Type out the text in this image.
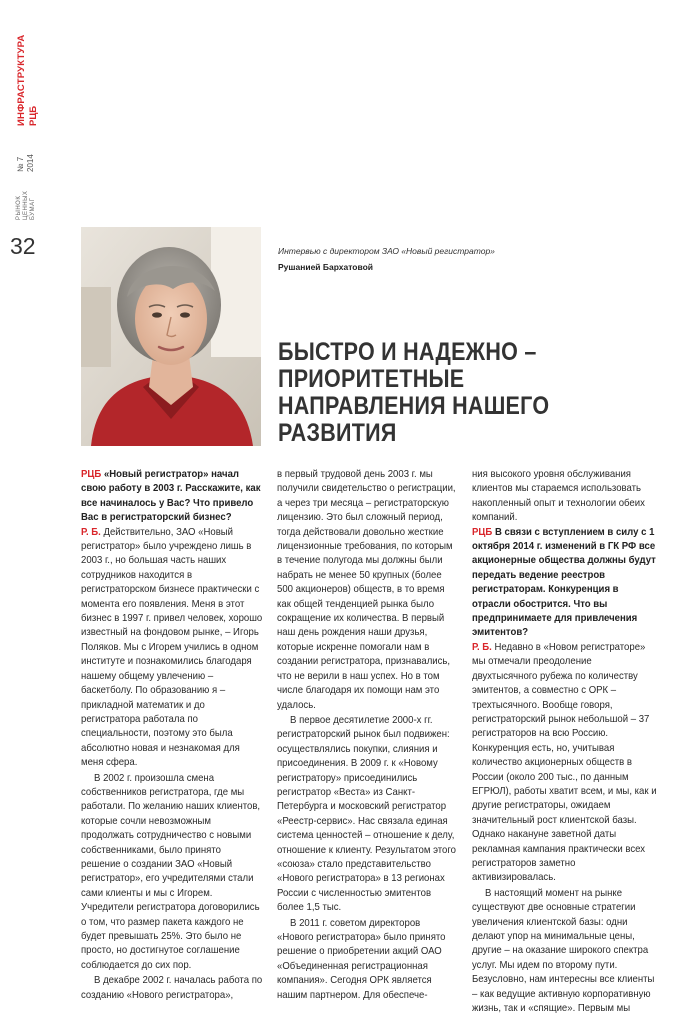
ИНФРАСТРУКТУРА РЦБ
№ 7 2014
РЫНОК ЦЕННЫХ БУМАГ
32	Интервью с директором ЗАО «Новый регистратор»
Рушанией Бархатовой
БЫСТРО И НАДЕЖНО –
ПРИОРИТЕТНЫЕ
НАПРАВЛЕНИЯ НАШЕГО
РАЗВИТИЯ

РЦБ «Новый регистратор» начал свою работу в 2003 г. Расскажите, как все начиналось у Вас? Что привело Вас в регистраторский бизнес?

Р. Б. Действительно, ЗАО «Новый регистратор» было учреждено лишь в 2003 г., но большая часть наших сотрудников находится в регистраторском бизнесе практически с момента его появления. Меня в этот бизнес в 1997 г. привел человек, хорошо известный на фондовом рынке, – Игорь Поляков. Мы с Игорем учились в одном институте и познакомились благодаря нашему общему увлечению – баскетболу. По образованию я – прикладной математик и до регистратора работала по специальности, поэтому это была абсолютно новая и незнакомая для меня сфера.

В 2002 г. произошла смена собственников регистратора, где мы работали. По желанию наших клиентов, которые сочли невозможным продолжать сотрудничество с новыми собственниками, было принято решение о создании ЗАО «Новый регистратор», его учредителями стали сами клиенты и мы с Игорем. Учредители регистратора договорились о том, что размер пакета каждого не будет превышать 25%. Это было не просто, но достигнутое соглашение соблюдается до сих пор.

В декабре 2002 г. началась работа по созданию «Нового регистратора»,

в первый трудовой день 2003 г. мы получили свидетельство о регистрации, а через три месяца – регистраторскую лицензию. Это был сложный период, тогда действовали довольно жесткие лицензионные требования, по которым в течение полугода мы должны были набрать не менее 50 крупных (более 500 акционеров) обществ, в то время как общей тенденцией рынка было сокращение их количества. В первый наш день рождения наши друзья, которые искренне помогали нам в создании регистратора, признавались, что не верили в наш успех. Но в том числе благодаря их помощи нам это удалось.

В первое десятилетие 2000-х гг. регистраторский рынок был подвижен: осуществлялись покупки, слияния и присоединения. В 2009 г. к «Новому регистратору» присоединились регистратор «Веста» из Санкт-Петербурга и московский регистратор «Реестр-сервис». Нас связала единая система ценностей – отношение к делу, отношение к клиенту. Результатом этого «союза» стало представительство «Нового регистратора» в 13 регионах России с численностью эмитентов более 1,5 тыс.

В 2011 г. советом директоров «Нового регистратора» было принято решение о приобретении акций ОАО «Объединенная регистрационная компания». Сегодня ОРК является нашим партнером. Для обеспече-

ния высокого уровня обслуживания клиентов мы стараемся использовать накопленный опыт и технологии обеих компаний.

РЦБ В связи с вступлением в силу с 1 октября 2014 г. изменений в ГК РФ все акционерные общества должны будут передать ведение реестров регистраторам. Конкуренция в отрасли обострится. Что вы предпринимаете для привлечения эмитентов?

Р. Б. Недавно в «Новом регистраторе» мы отмечали преодоление двухтысячного рубежа по количеству эмитентов, а совместно с ОРК – трехтысячного. Вообще говоря, регистраторский рынок небольшой – 37 регистраторов на всю Россию. Конкуренция есть, но, учитывая количество акционерных обществ в России (около 200 тыс., по данным ЕГРЮЛ), работы хватит всем, и мы, как и другие регистраторы, ожидаем значительный рост клиентской базы. Однако накануне заветной даты рекламная кампания практически всех регистраторов заметно активизировалась.

В настоящий момент на рынке существуют две основные стратегии увеличения клиентской базы: одни делают упор на минимальные цены, другие – на оказание широкого спектра услуг. Мы идем по второму пути. Безусловно, нам интересны все клиенты – как ведущие активную корпоративную жизнь, так и «спящие». Первым мы
